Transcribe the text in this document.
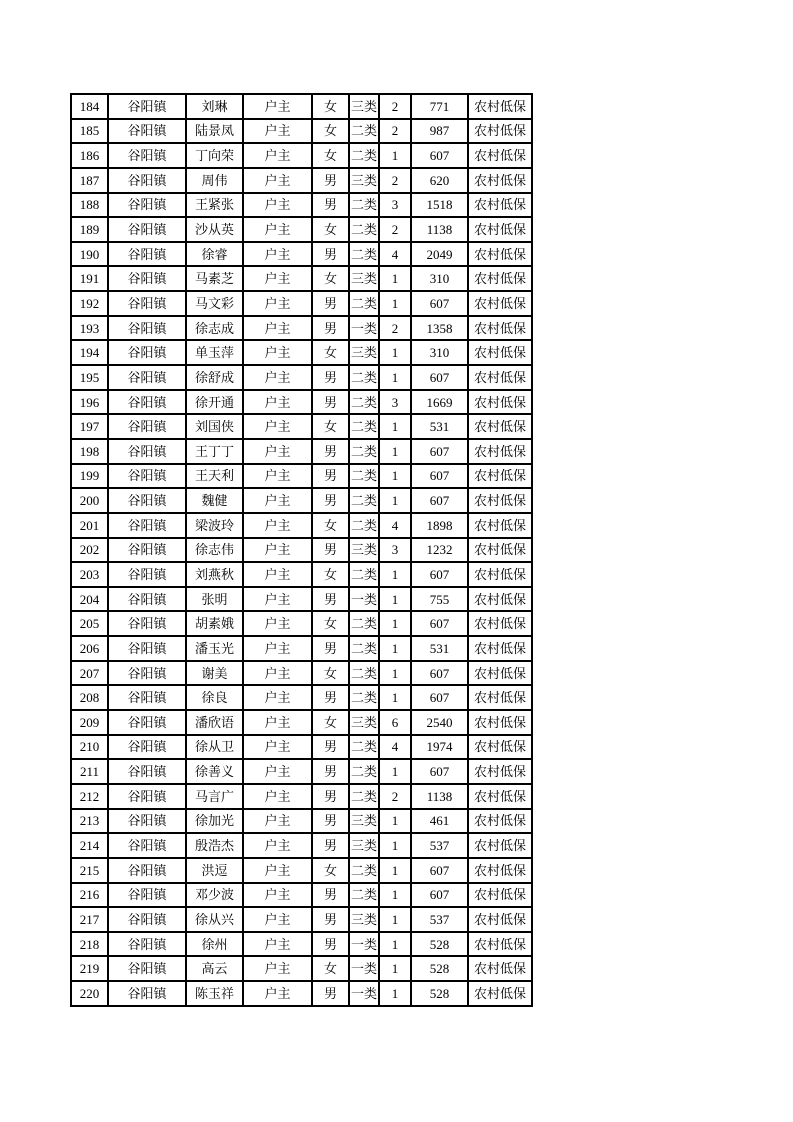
184	谷阳镇	刘琳	户主	女	三类	2	771	农村低保
185	谷阳镇	陆景凤	户主	女	二类	2	987	农村低保
186	谷阳镇	丁向荣	户主	女	二类	1	607	农村低保
187	谷阳镇	周伟	户主	男	三类	2	620	农村低保
188	谷阳镇	王紧张	户主	男	二类	3	1518	农村低保
189	谷阳镇	沙从英	户主	女	二类	2	1138	农村低保
190	谷阳镇	徐睿	户主	男	二类	4	2049	农村低保
191	谷阳镇	马素芝	户主	女	三类	1	310	农村低保
192	谷阳镇	马文彩	户主	男	二类	1	607	农村低保
193	谷阳镇	徐志成	户主	男	一类	2	1358	农村低保
194	谷阳镇	单玉萍	户主	女	三类	1	310	农村低保
195	谷阳镇	徐舒成	户主	男	二类	1	607	农村低保
196	谷阳镇	徐开通	户主	男	二类	3	1669	农村低保
197	谷阳镇	刘国侠	户主	女	二类	1	531	农村低保
198	谷阳镇	王丁丁	户主	男	二类	1	607	农村低保
199	谷阳镇	王天利	户主	男	二类	1	607	农村低保
200	谷阳镇	魏健	户主	男	二类	1	607	农村低保
201	谷阳镇	梁波玲	户主	女	二类	4	1898	农村低保
202	谷阳镇	徐志伟	户主	男	三类	3	1232	农村低保
203	谷阳镇	刘燕秋	户主	女	二类	1	607	农村低保
204	谷阳镇	张明	户主	男	一类	1	755	农村低保
205	谷阳镇	胡素娥	户主	女	二类	1	607	农村低保
206	谷阳镇	潘玉光	户主	男	二类	1	531	农村低保
207	谷阳镇	谢美	户主	女	二类	1	607	农村低保
208	谷阳镇	徐良	户主	男	二类	1	607	农村低保
209	谷阳镇	潘欣语	户主	女	三类	6	2540	农村低保
210	谷阳镇	徐从卫	户主	男	二类	4	1974	农村低保
211	谷阳镇	徐善义	户主	男	二类	1	607	农村低保
212	谷阳镇	马言广	户主	男	二类	2	1138	农村低保
213	谷阳镇	徐加光	户主	男	三类	1	461	农村低保
214	谷阳镇	殷浩杰	户主	男	三类	1	537	农村低保
215	谷阳镇	洪逗	户主	女	二类	1	607	农村低保
216	谷阳镇	邓少波	户主	男	二类	1	607	农村低保
217	谷阳镇	徐从兴	户主	男	三类	1	537	农村低保
218	谷阳镇	徐州	户主	男	一类	1	528	农村低保
219	谷阳镇	高云	户主	女	一类	1	528	农村低保
220	谷阳镇	陈玉祥	户主	男	一类	1	528	农村低保
